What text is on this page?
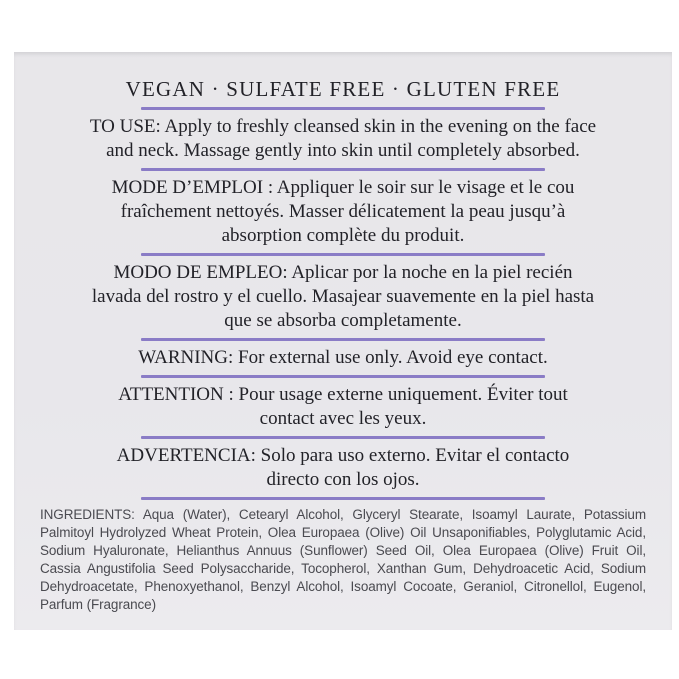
VEGAN · SULFATE FREE · GLUTEN FREE
TO USE: Apply to freshly cleansed skin in the evening on the face
and neck. Massage gently into skin until completely absorbed.
MODE D’EMPLOI : Appliquer le soir sur le visage et le cou
fraîchement nettoyés. Masser délicatement la peau jusqu’à
absorption complète du produit.
MODO DE EMPLEO: Aplicar por la noche en la piel recién
lavada del rostro y el cuello. Masajear suavemente en la piel hasta
que se absorba completamente.
WARNING: For external use only. Avoid eye contact.
ATTENTION : Pour usage externe uniquement. Éviter tout
contact avec les yeux.
ADVERTENCIA: Solo para uso externo. Evitar el contacto
directo con los ojos.
INGREDIENTS: Aqua (Water), Cetearyl Alcohol, Glyceryl Stearate, Isoamyl Laurate, Potassium
Palmitoyl Hydrolyzed Wheat Protein, Olea Europaea (Olive) Oil Unsaponifiables, Polyglutamic Acid,
Sodium Hyaluronate, Helianthus Annuus (Sunflower) Seed Oil, Olea Europaea (Olive) Fruit Oil,
Cassia Angustifolia Seed Polysaccharide, Tocopherol, Xanthan Gum, Dehydroacetic Acid, Sodium
Dehydroacetate, Phenoxyethanol, Benzyl Alcohol, Isoamyl Cocoate, Geraniol, Citronellol, Eugenol,
Parfum (Fragrance)
